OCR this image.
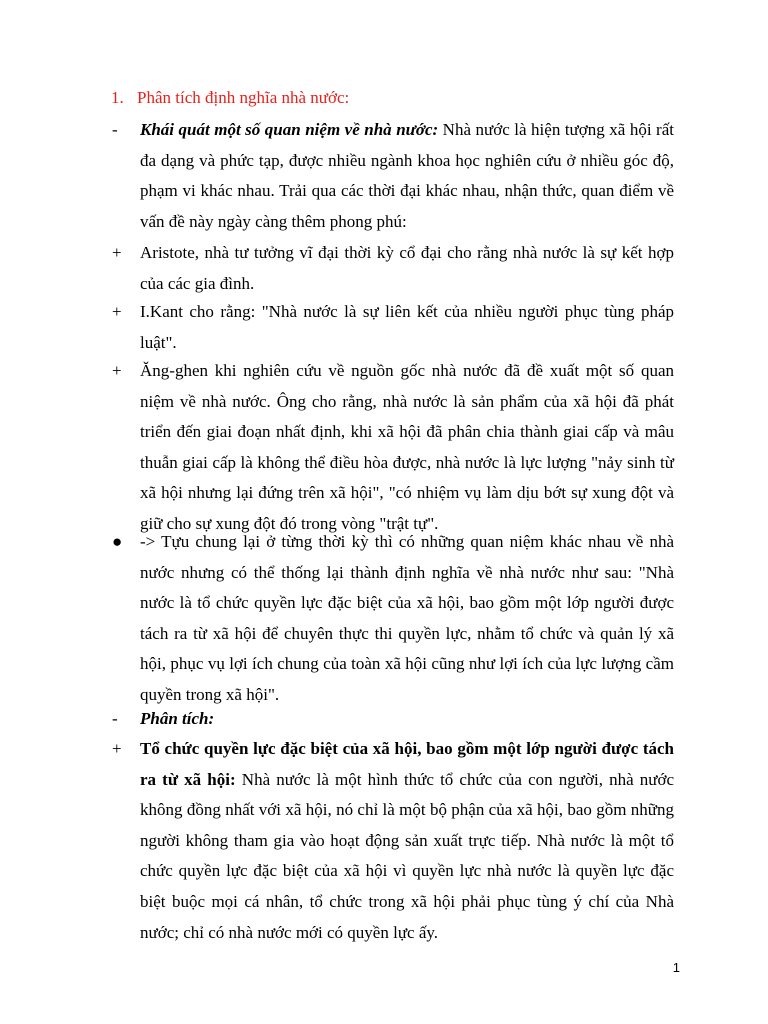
1. Phân tích định nghĩa nhà nước:
-	Khái quát một số quan niệm về nhà nước: Nhà nước là hiện tượng xã hội rất đa dạng và phức tạp, được nhiều ngành khoa học nghiên cứu ở nhiều góc độ, phạm vi khác nhau. Trải qua các thời đại khác nhau, nhận thức, quan điểm về vấn đề này ngày càng thêm phong phú:
+	Aristote, nhà tư tưởng vĩ đại thời kỳ cổ đại cho rằng nhà nước là sự kết hợp của các gia đình.
+	I.Kant cho rằng: "Nhà nước là sự liên kết của nhiều người phục tùng pháp luật".
+	Ăng-ghen khi nghiên cứu về nguồn gốc nhà nước đã đề xuất một số quan niệm về nhà nước. Ông cho rằng, nhà nước là sản phẩm của xã hội đã phát triển đến giai đoạn nhất định, khi xã hội đã phân chia thành giai cấp và mâu thuẫn giai cấp là không thể điều hòa được, nhà nước là lực lượng "nảy sinh từ xã hội nhưng lại đứng trên xã hội", "có nhiệm vụ làm dịu bớt sự xung đột và giữ cho sự xung đột đó trong vòng "trật tự".
●	-> Tựu chung lại ở từng thời kỳ thì có những quan niệm khác nhau về nhà nước nhưng có thể thống lại thành định nghĩa về nhà nước như sau: "Nhà nước là tổ chức quyền lực đặc biệt của xã hội, bao gồm một lớp người được tách ra từ xã hội để chuyên thực thi quyền lực, nhằm tổ chức và quản lý xã hội, phục vụ lợi ích chung của toàn xã hội cũng như lợi ích của lực lượng cầm quyền trong xã hội".
-	Phân tích:
+	Tổ chức quyền lực đặc biệt của xã hội, bao gồm một lớp người được tách ra từ xã hội: Nhà nước là một hình thức tổ chức của con người, nhà nước không đồng nhất với xã hội, nó chỉ là một bộ phận của xã hội, bao gồm những người không tham gia vào hoạt động sản xuất trực tiếp. Nhà nước là một tổ chức quyền lực đặc biệt của xã hội vì quyền lực nhà nước là quyền lực đặc biệt buộc mọi cá nhân, tổ chức trong xã hội phải phục tùng ý chí của Nhà nước; chỉ có nhà nước mới có quyền lực ấy.
1
